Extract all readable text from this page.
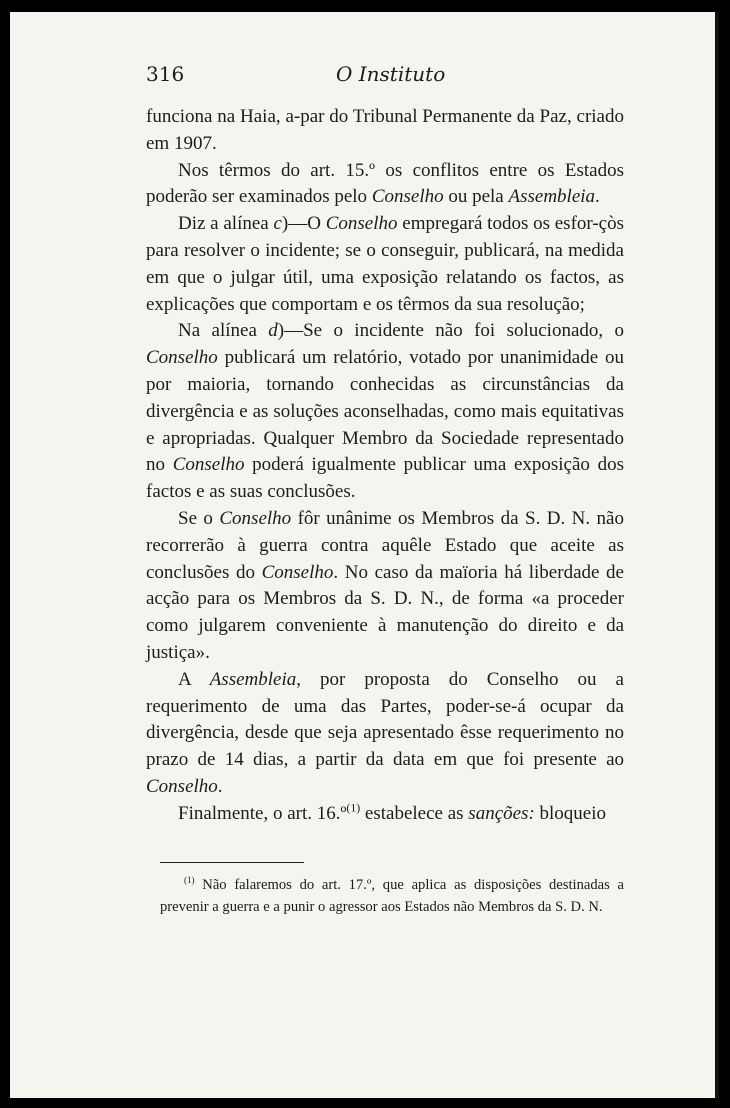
316	O Instituto

funciona na Haia, a-par do Tribunal Permanente da Paz, criado em 1907.

Nos têrmos do art. 15.º os conflitos entre os Estados poderão ser examinados pelo Conselho ou pela Assembleia.

Diz a alínea c)—O Conselho empregará todos os esfor-çòs para resolver o incidente; se o conseguir, publicará, na medida em que o julgar útil, uma exposição relatando os factos, as explicações que comportam e os têrmos da sua resolução;

Na alínea d)—Se o incidente não foi solucionado, o Conselho publicará um relatório, votado por unanimidade ou por maioria, tornando conhecidas as circunstâncias da divergência e as soluções aconselhadas, como mais equitativas e apropriadas. Qualquer Membro da Sociedade representado no Conselho poderá igualmente publicar uma exposição dos factos e as suas conclusões.

Se o Conselho fôr unânime os Membros da S. D. N. não recorrerão à guerra contra aquêle Estado que aceite as conclusões do Conselho. No caso da maïoria há liberdade de acção para os Membros da S. D. N., de forma «a proceder como julgarem conveniente à manutenção do direito e da justiça».

A Assembleia, por proposta do Conselho ou a requerimento de uma das Partes, poder-se-á ocupar da divergência, desde que seja apresentado êsse requerimento no prazo de 14 dias, a partir da data em que foi presente ao Conselho.

Finalmente, o art. 16.º$^{(1)}$ estabelece as sanções: bloqueio

$^{(1)}$ Não falaremos do art. 17.º, que aplica as disposições destinadas a prevenir a guerra e a punir o agressor aos Estados não Membros da S. D. N.
